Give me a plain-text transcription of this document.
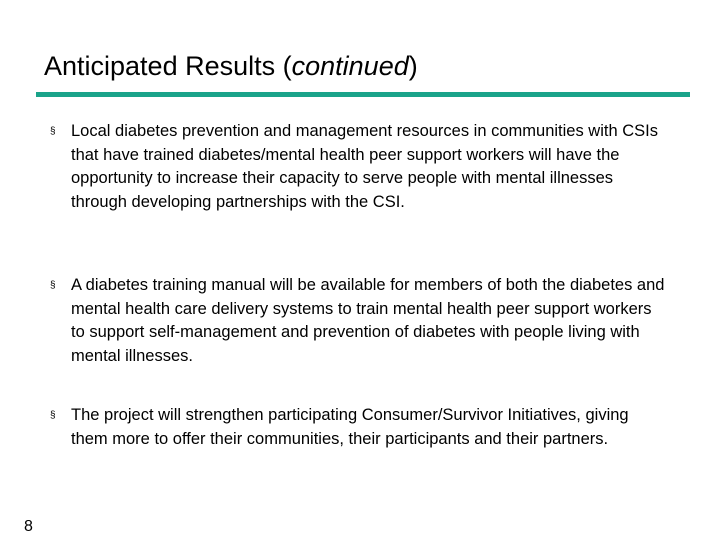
Anticipated Results (continued)
§ Local diabetes prevention and management resources in communities with CSIs that have trained diabetes/mental health peer support workers will have the opportunity to increase their capacity to serve people with mental illnesses through developing partnerships with the CSI.
§ A diabetes training manual will be available for members of both the diabetes and mental health care delivery systems to train mental health peer support workers to support self-management and prevention of diabetes with people living with mental illnesses.
§ The project will strengthen participating Consumer/Survivor Initiatives, giving them more to offer their communities, their participants and their partners.
8
